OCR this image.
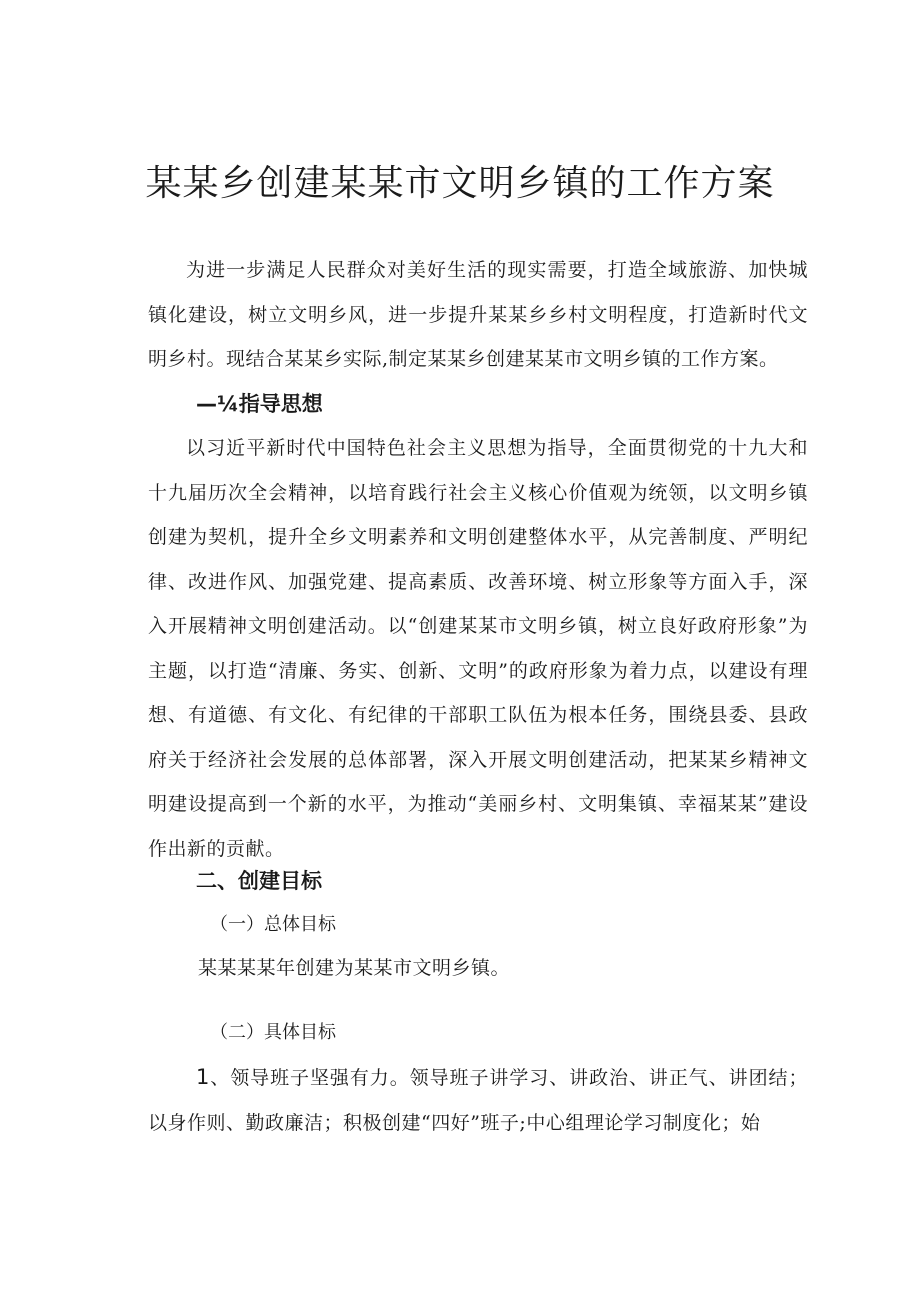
某某乡创建某某市文明乡镇的工作方案

为进一步满足人民群众对美好生活的现实需要，打造全域旅游、加快城镇化建设，树立文明乡风，进一步提升某某乡乡村文明程度，打造新时代文明乡村。现结合某某乡实际,制定某某乡创建某某市文明乡镇的工作方案。

—¼指导思想

以习近平新时代中国特色社会主义思想为指导，全面贯彻党的十九大和十九届历次全会精神，以培育践行社会主义核心价值观为统领，以文明乡镇创建为契机，提升全乡文明素养和文明创建整体水平，从完善制度、严明纪律、改进作风、加强党建、提高素质、改善环境、树立形象等方面入手，深入开展精神文明创建活动。以“创建某某市文明乡镇，树立良好政府形象”为主题，以打造“清廉、务实、创新、文明”的政府形象为着力点，以建设有理想、有道德、有文化、有纪律的干部职工队伍为根本任务，围绕县委、县政府关于经济社会发展的总体部署，深入开展文明创建活动，把某某乡精神文明建设提高到一个新的水平，为推动“美丽乡村、文明集镇、幸福某某”建设作出新的贡献。

二、创建目标
（一）总体目标

某某某某年创建为某某市文明乡镇。

（二）具体目标

1、领导班子坚强有力。领导班子讲学习、讲政治、讲正气、讲团结；以身作则、勤政廉洁；积极创建“四好”班子;中心组理论学习制度化；始
